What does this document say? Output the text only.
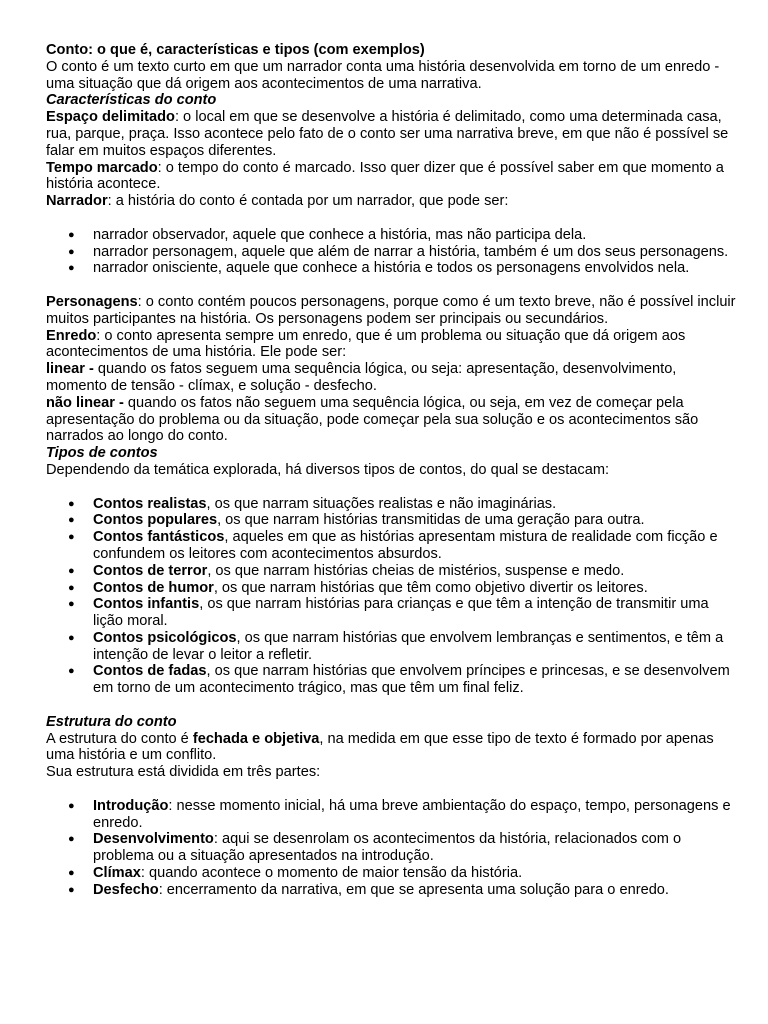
Conto: o que é, características e tipos (com exemplos)

O conto é um texto curto em que um narrador conta uma história desenvolvida em torno de um enredo - uma situação que dá origem aos acontecimentos de uma narrativa.

Características do conto

Espaço delimitado: o local em que se desenvolve a história é delimitado, como uma determinada casa, rua, parque, praça. Isso acontece pelo fato de o conto ser uma narrativa breve, em que não é possível se falar em muitos espaços diferentes.

Tempo marcado: o tempo do conto é marcado. Isso quer dizer que é possível saber em que momento a história acontece.

Narrador: a história do conto é contada por um narrador, que pode ser:

● narrador observador, aquele que conhece a história, mas não participa dela.
● narrador personagem, aquele que além de narrar a história, também é um dos seus personagens.
● narrador onisciente, aquele que conhece a história e todos os personagens envolvidos nela.

Personagens: o conto contém poucos personagens, porque como é um texto breve, não é possível incluir muitos participantes na história. Os personagens podem ser principais ou secundários.

Enredo: o conto apresenta sempre um enredo, que é um problema ou situação que dá origem aos acontecimentos de uma história. Ele pode ser:

linear - quando os fatos seguem uma sequência lógica, ou seja: apresentação, desenvolvimento, momento de tensão - clímax, e solução - desfecho.

não linear - quando os fatos não seguem uma sequência lógica, ou seja, em vez de começar pela apresentação do problema ou da situação, pode começar pela sua solução e os acontecimentos são narrados ao longo do conto.

Tipos de contos

Dependendo da temática explorada, há diversos tipos de contos, do qual se destacam:

● Contos realistas, os que narram situações realistas e não imaginárias.
● Contos populares, os que narram histórias transmitidas de uma geração para outra.
● Contos fantásticos, aqueles em que as histórias apresentam mistura de realidade com ficção e confundem os leitores com acontecimentos absurdos.
● Contos de terror, os que narram histórias cheias de mistérios, suspense e medo.
● Contos de humor, os que narram histórias que têm como objetivo divertir os leitores.
● Contos infantis, os que narram histórias para crianças e que têm a intenção de transmitir uma lição moral.
● Contos psicológicos, os que narram histórias que envolvem lembranças e sentimentos, e têm a intenção de levar o leitor a refletir.
● Contos de fadas, os que narram histórias que envolvem príncipes e princesas, e se desenvolvem em torno de um acontecimento trágico, mas que têm um final feliz.

Estrutura do conto

A estrutura do conto é fechada e objetiva, na medida em que esse tipo de texto é formado por apenas uma história e um conflito.

Sua estrutura está dividida em três partes:

● Introdução: nesse momento inicial, há uma breve ambientação do espaço, tempo, personagens e enredo.
● Desenvolvimento: aqui se desenrolam os acontecimentos da história, relacionados com o problema ou a situação apresentados na introdução.
● Clímax: quando acontece o momento de maior tensão da história.
● Desfecho: encerramento da narrativa, em que se apresenta uma solução para o enredo.
